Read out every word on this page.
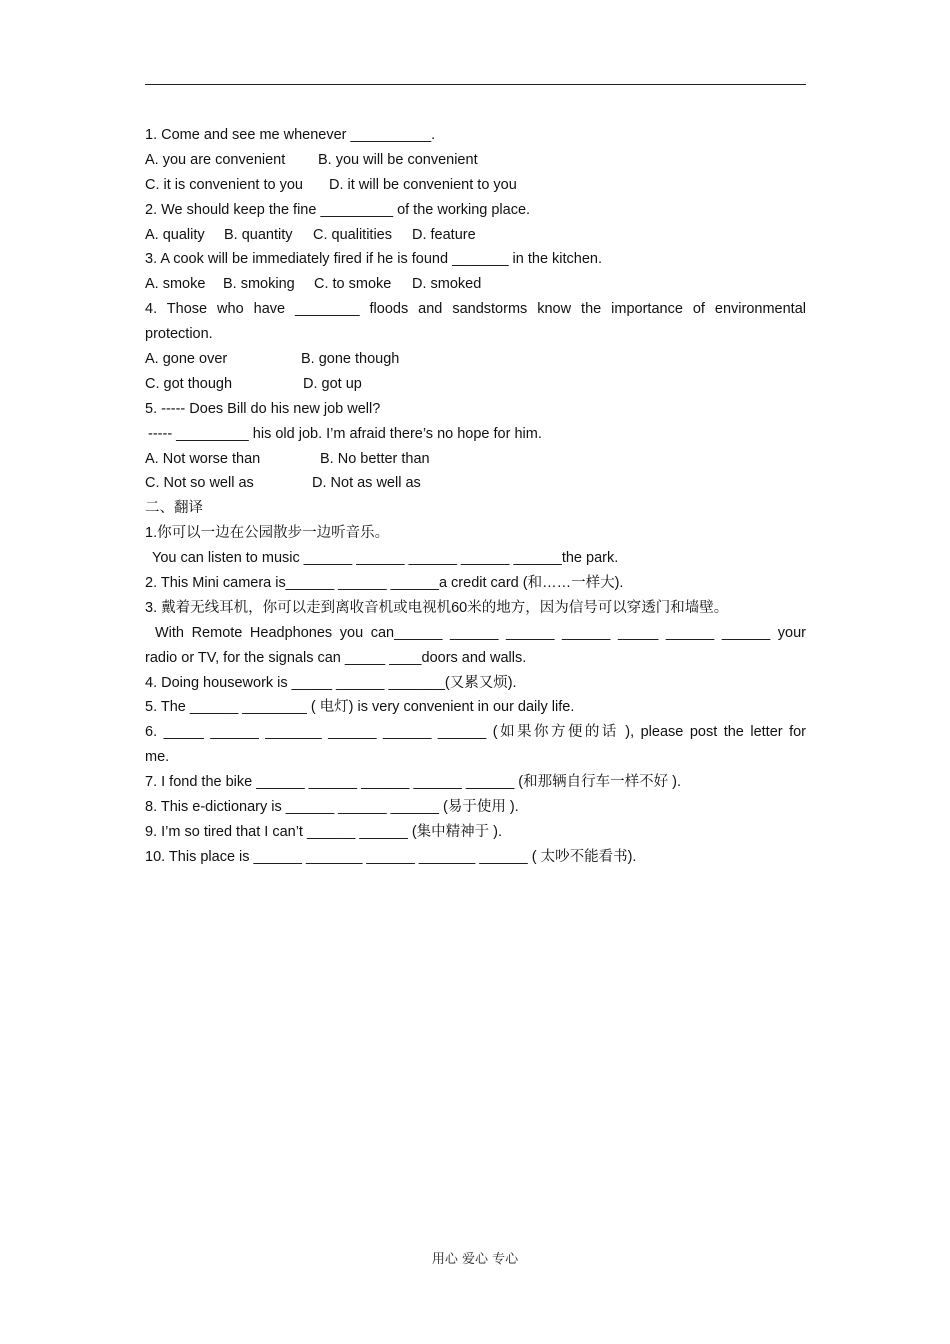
1. Come and see me whenever __________.
A. you are convenient B. you will be convenient
C. it is convenient to you D. it will be convenient to you
2. We should keep the fine _________ of the working place.
A. quality B. quantity C. qualitities D. feature
3. A cook will be immediately fired if he is found _______ in the kitchen.
A. smoke B. smoking C. to smoke D. smoked
4. Those who have ________ floods and sandstorms know the importance of environmental
protection.
A. gone over	B. gone though
C. got though	D. got up
5. ----- Does Bill do his new job well?
----- _________ his old job. I’m afraid there’s no hope for him.
A. Not worse than	B. No better than
C. Not so well as	D. Not as well as
二、翻译
1.你可以一边在公园散步一边听音乐。
You can listen to music ______ ______ ______ ______ ______the park.
2. This Mini camera is______ ______ ______a credit card (和……一样大).
3. 戴着无线耳机，你可以走到离收音机或电视机60米的地方，因为信号可以穿透门和墙壁。
With Remote Headphones you can______ ______ ______ ______ _____ ______ ______ your
radio or TV, for the signals can _____ ____doors and walls.
4. Doing housework is _____ ______ _______(又累又烦).
5. The ______ ________ ( 电灯) is very convenient in our daily life.
6. _____ ______ _______ ______ ______ ______ (如果你方便的话 ), please post the letter for
me.
7. I fond the bike ______ ______ ______ ______ ______ (和那辆自行车一样不好 ).
8. This e-dictionary is ______ ______ ______ (易于使用 ).
9. I’m so tired that I can’t ______ ______ (集中精神于 ).
10. This place is ______ _______ ______ _______ ______ ( 太吵不能看书).
用心 爱心 专心
